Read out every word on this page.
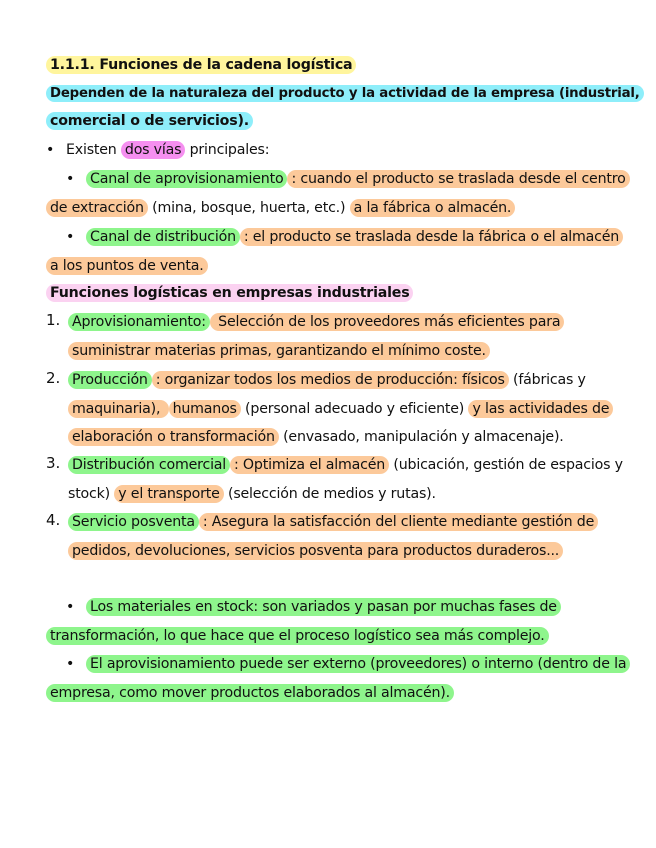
1.1.1. Funciones de la cadena logística
Dependen de la naturaleza del producto y la actividad de la empresa (industrial,
comercial o de servicios).
• Existen dos vías principales:
• Canal de aprovisionamiento : cuando el producto se traslada desde el centro
de extracción (mina, bosque, huerta, etc.) a la fábrica o almacén.
• Canal de distribución : el producto se traslada desde la fábrica o el almacén
a los puntos de venta.
Funciones logísticas en empresas industriales
1. Aprovisionamiento: Selección de los proveedores más eficientes para
suministrar materias primas, garantizando el mínimo coste.
2. Producción : organizar todos los medios de producción: físicos (fábricas y
maquinaria), humanos (personal adecuado y eficiente) y las actividades de
elaboración o transformación (envasado, manipulación y almacenaje).
3. Distribución comercial : Optimiza el almacén (ubicación, gestión de espacios y
stock) y el transporte (selección de medios y rutas).
4. Servicio posventa : Asegura la satisfacción del cliente mediante gestión de
pedidos, devoluciones, servicios posventa para productos duraderos...
• Los materiales en stock: son variados y pasan por muchas fases de
transformación, lo que hace que el proceso logístico sea más complejo.
• El aprovisionamiento puede ser externo (proveedores) o interno (dentro de la
empresa, como mover productos elaborados al almacén).
